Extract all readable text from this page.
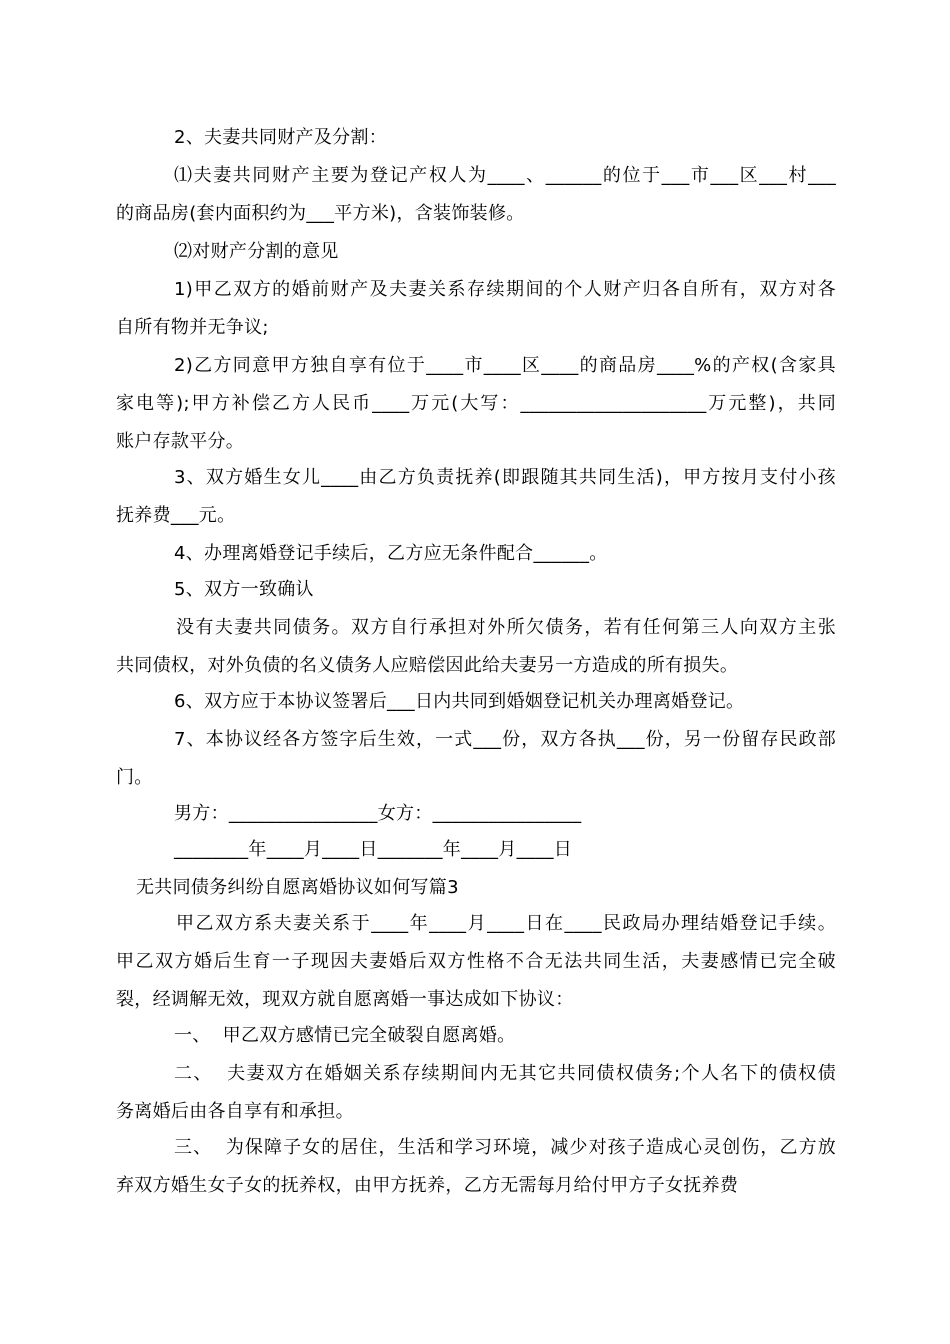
2、夫妻共同财产及分割：
⑴夫妻共同财产主要为登记产权人为____、______的位于___市___区___村___
的商品房(套内面积约为___平方米)，含装饰装修。
⑵对财产分割的意见
1)甲乙双方的婚前财产及夫妻关系存续期间的个人财产归各自所有，双方对各
自所有物并无争议;
2)乙方同意甲方独自享有位于____市____区____的商品房____%的产权(含家具
家电等);甲方补偿乙方人民币____万元(大写：____________________万元整)，共同
账户存款平分。
3、双方婚生女儿____由乙方负责抚养(即跟随其共同生活)，甲方按月支付小孩
抚养费___元。
4、办理离婚登记手续后，乙方应无条件配合______。
5、双方一致确认
没有夫妻共同债务。双方自行承担对外所欠债务，若有任何第三人向双方主张
共同债权，对外负债的名义债务人应赔偿因此给夫妻另一方造成的所有损失。
6、双方应于本协议签署后___日内共同到婚姻登记机关办理离婚登记。
7、本协议经各方签字后生效，一式___份，双方各执___份，另一份留存民政部
门。
男方：________________女方：________________
________年____月____日_______年____月____日
无共同债务纠纷自愿离婚协议如何写篇3
甲乙双方系夫妻关系于____年____月____日在____民政局办理结婚登记手续。
甲乙双方婚后生育一子现因夫妻婚后双方性格不合无法共同生活，夫妻感情已完全破
裂，经调解无效，现双方就自愿离婚一事达成如下协议：
一、  甲乙双方感情已完全破裂自愿离婚。
二、  夫妻双方在婚姻关系存续期间内无其它共同债权债务;个人名下的债权债
务离婚后由各自享有和承担。
三、  为保障子女的居住，生活和学习环境，减少对孩子造成心灵创伤，乙方放
弃双方婚生女子女的抚养权，由甲方抚养，乙方无需每月给付甲方子女抚养费
